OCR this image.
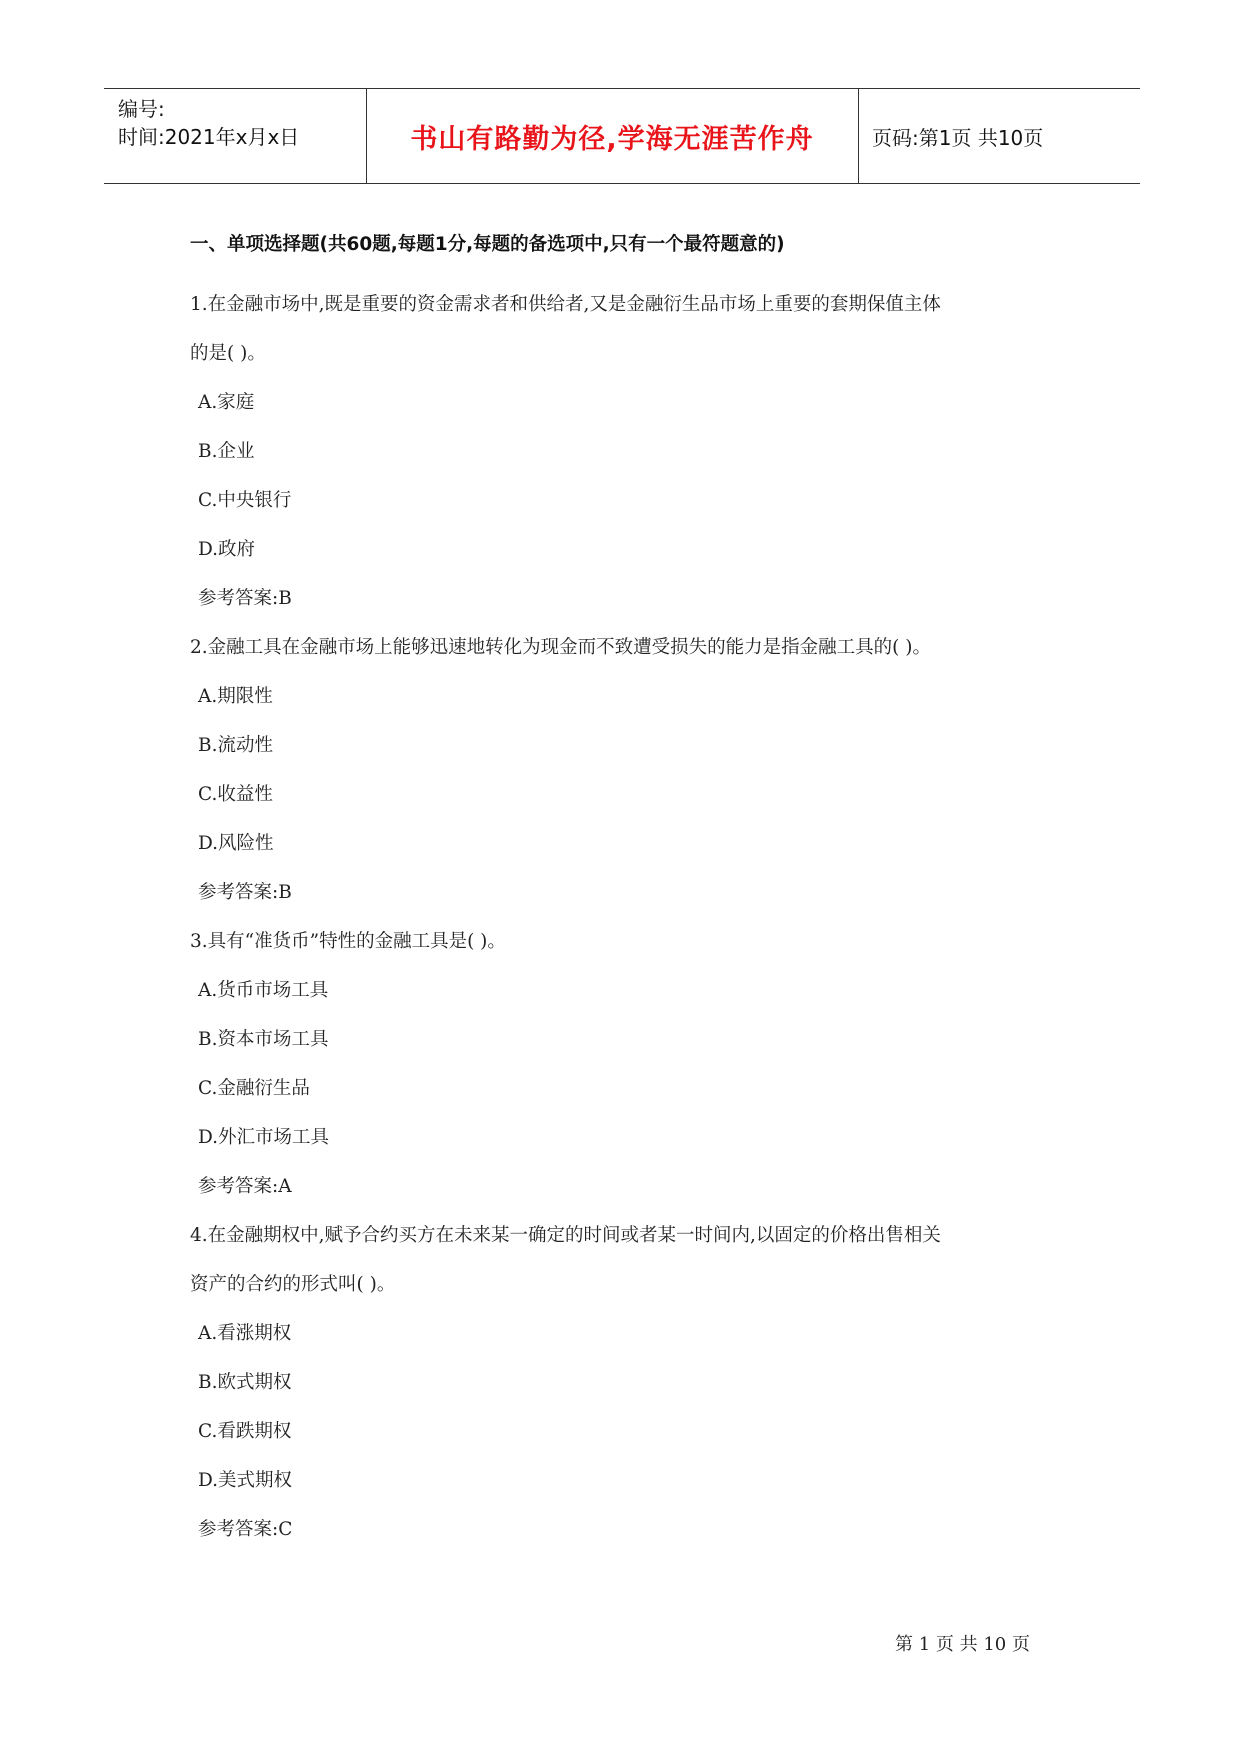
编号:
时间:2021年x月x日	书山有路勤为径,学海无涯苦作舟	页码:第1页 共10页
一、单项选择题(共60题,每题1分,每题的备选项中,只有一个最符题意的)
1.在金融市场中,既是重要的资金需求者和供给者,又是金融衍生品市场上重要的套期保值主体
的是( )。
A.家庭
B.企业
C.中央银行
D.政府
参考答案:B
2.金融工具在金融市场上能够迅速地转化为现金而不致遭受损失的能力是指金融工具的( )。
A.期限性
B.流动性
C.收益性
D.风险性
参考答案:B
3.具有“准货币”特性的金融工具是( )。
A.货币市场工具
B.资本市场工具
C.金融衍生品
D.外汇市场工具
参考答案:A
4.在金融期权中,赋予合约买方在未来某一确定的时间或者某一时间内,以固定的价格出售相关
资产的合约的形式叫( )。
A.看涨期权
B.欧式期权
C.看跌期权
D.美式期权
参考答案:C
第 1 页 共 10 页
